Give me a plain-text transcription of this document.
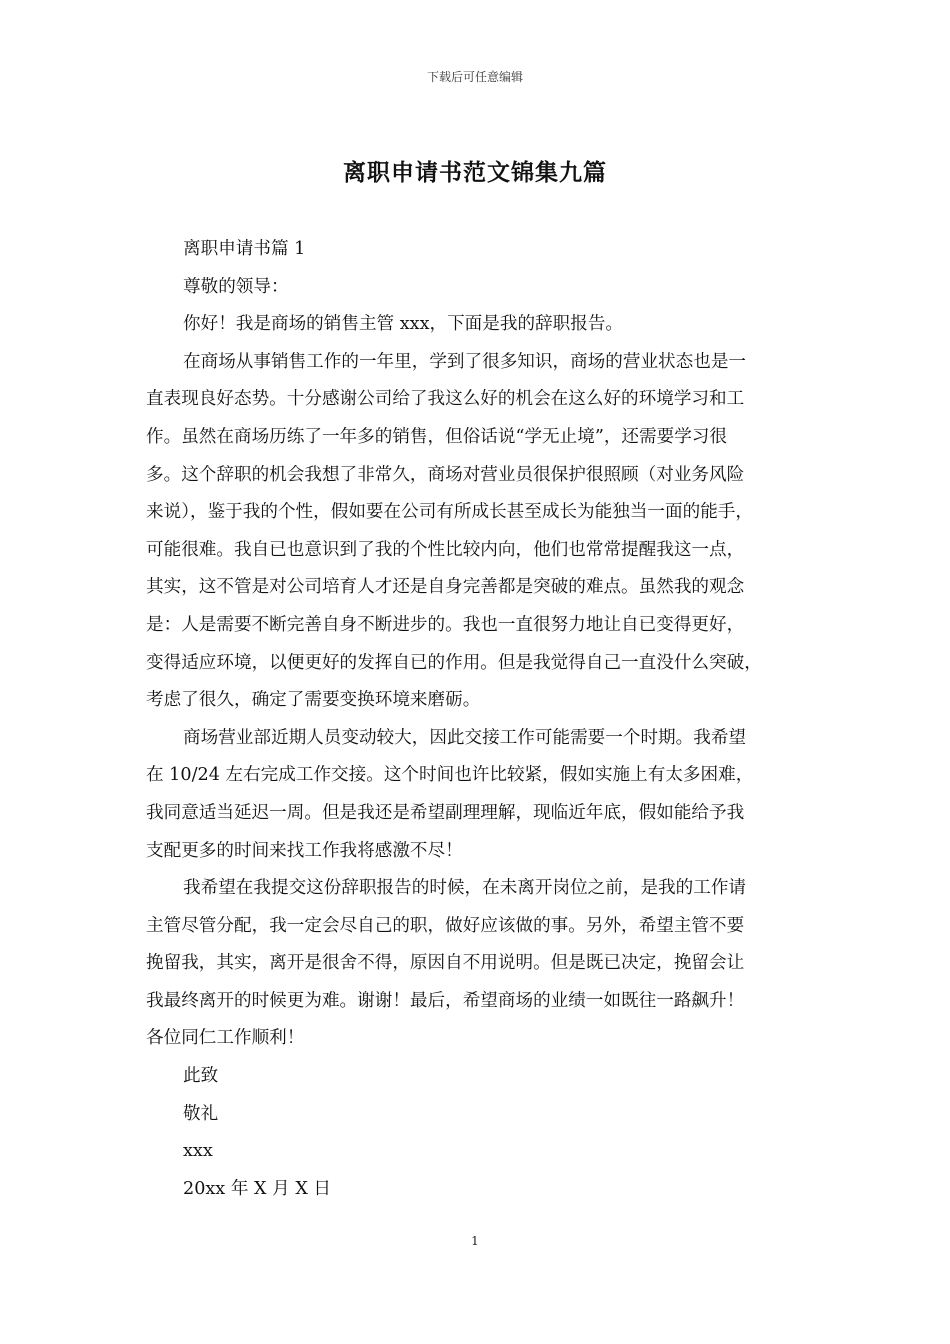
下载后可任意编辑
离职申请书范文锦集九篇
离职申请书篇 1
尊敬的领导：
你好！我是商场的销售主管 xxx，下面是我的辞职报告。
在商场从事销售工作的一年里，学到了很多知识，商场的营业状态也是一
直表现良好态势。十分感谢公司给了我这么好的机会在这么好的环境学习和工
作。虽然在商场历练了一年多的销售，但俗话说“学无止境”，还需要学习很
多。这个辞职的机会我想了非常久，商场对营业员很保护很照顾（对业务风险
来说），鉴于我的个性，假如要在公司有所成长甚至成长为能独当一面的能手，
可能很难。我自已也意识到了我的个性比较内向，他们也常常提醒我这一点，
其实，这不管是对公司培育人才还是自身完善都是突破的难点。虽然我的观念
是：人是需要不断完善自身不断进步的。我也一直很努力地让自已变得更好，
变得适应环境，以便更好的发挥自已的作用。但是我觉得自己一直没什么突破，
考虑了很久，确定了需要变换环境来磨砺。
商场营业部近期人员变动较大，因此交接工作可能需要一个时期。我希望
在 10/24 左右完成工作交接。这个时间也许比较紧，假如实施上有太多困难，
我同意适当延迟一周。但是我还是希望副理理解，现临近年底，假如能给予我
支配更多的时间来找工作我将感激不尽！
我希望在我提交这份辞职报告的时候，在未离开岗位之前，是我的工作请
主管尽管分配，我一定会尽自己的职，做好应该做的事。另外，希望主管不要
挽留我，其实，离开是很舍不得，原因自不用说明。但是既已决定，挽留会让
我最终离开的时候更为难。谢谢！最后，希望商场的业绩一如既往一路飙升！
各位同仁工作顺利！
此致
敬礼
xxx
20xx 年 X 月 X 日
1
